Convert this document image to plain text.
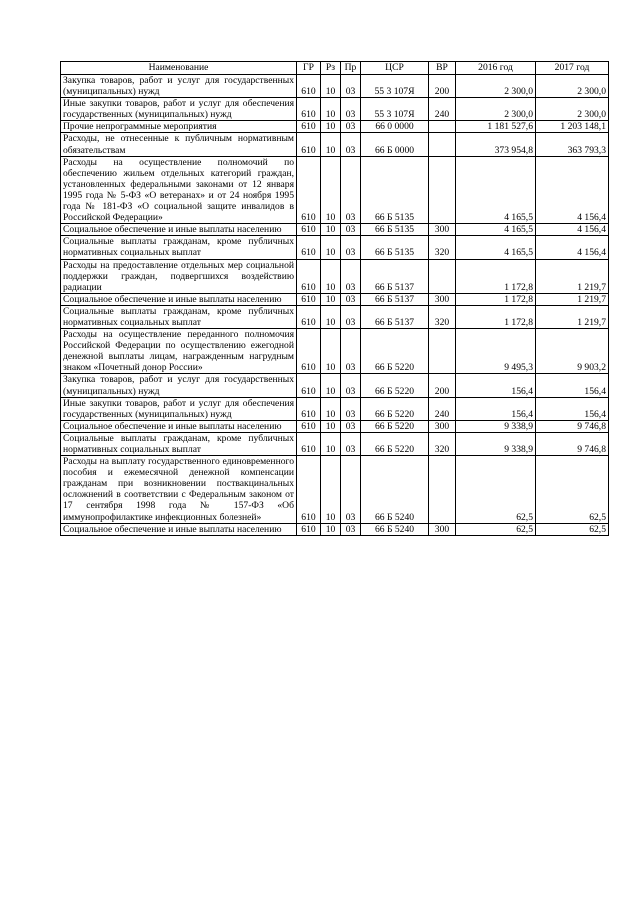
Наименование	ГР	Рз	Пр	ЦСР	ВР	2016 год	2017 год
Закупка товаров, работ и услуг для государственных (муниципальных) нужд	610	10	03	55 3 107Я	200	2 300,0	2 300,0
Иные закупки товаров, работ и услуг для обеспечения государственных (муниципальных) нужд	610	10	03	55 3 107Я	240	2 300,0	2 300,0
Прочие непрограммные мероприятия	610	10	03	66 0 0000		1 181 527,6	1 203 148,1
Расходы, не отнесенные к публичным нормативным обязательствам	610	10	03	66 Б 0000		373 954,8	363 793,3
Расходы на осуществление полномочий по обеспечению жильем отдельных категорий граждан, установленных федеральными законами от 12 января 1995 года № 5-ФЗ «О ветеранах» и от 24 ноября 1995 года № 181-ФЗ «О социальной защите инвалидов в Российской Федерации»	610	10	03	66 Б 5135		4 165,5	4 156,4
Социальное обеспечение и иные выплаты населению	610	10	03	66 Б 5135	300	4 165,5	4 156,4
Социальные выплаты гражданам, кроме публичных нормативных социальных выплат	610	10	03	66 Б 5135	320	4 165,5	4 156,4
Расходы на предоставление отдельных мер социальной поддержки граждан, подвергшихся воздействию радиации	610	10	03	66 Б 5137		1 172,8	1 219,7
Социальное обеспечение и иные выплаты населению	610	10	03	66 Б 5137	300	1 172,8	1 219,7
Социальные выплаты гражданам, кроме публичных нормативных социальных выплат	610	10	03	66 Б 5137	320	1 172,8	1 219,7
Расходы на осуществление переданного полномочия Российской Федерации по осуществлению ежегодной денежной выплаты лицам, награжденным нагрудным знаком «Почетный донор России»	610	10	03	66 Б 5220		9 495,3	9 903,2
Закупка товаров, работ и услуг для государственных (муниципальных) нужд	610	10	03	66 Б 5220	200	156,4	156,4
Иные закупки товаров, работ и услуг для обеспечения государственных (муниципальных) нужд	610	10	03	66 Б 5220	240	156,4	156,4
Социальное обеспечение и иные выплаты населению	610	10	03	66 Б 5220	300	9 338,9	9 746,8
Социальные выплаты гражданам, кроме публичных нормативных социальных выплат	610	10	03	66 Б 5220	320	9 338,9	9 746,8
Расходы на выплату государственного единовременного пособия и ежемесячной денежной компенсации гражданам при возникновении поствакцинальных осложнений в соответствии с Федеральным законом от 17 сентября 1998 года № 157-ФЗ «Об иммунопрофилактике инфекционных болезней»	610	10	03	66 Б 5240		62,5	62,5
Социальное обеспечение и иные выплаты населению	610	10	03	66 Б 5240	300	62,5	62,5
